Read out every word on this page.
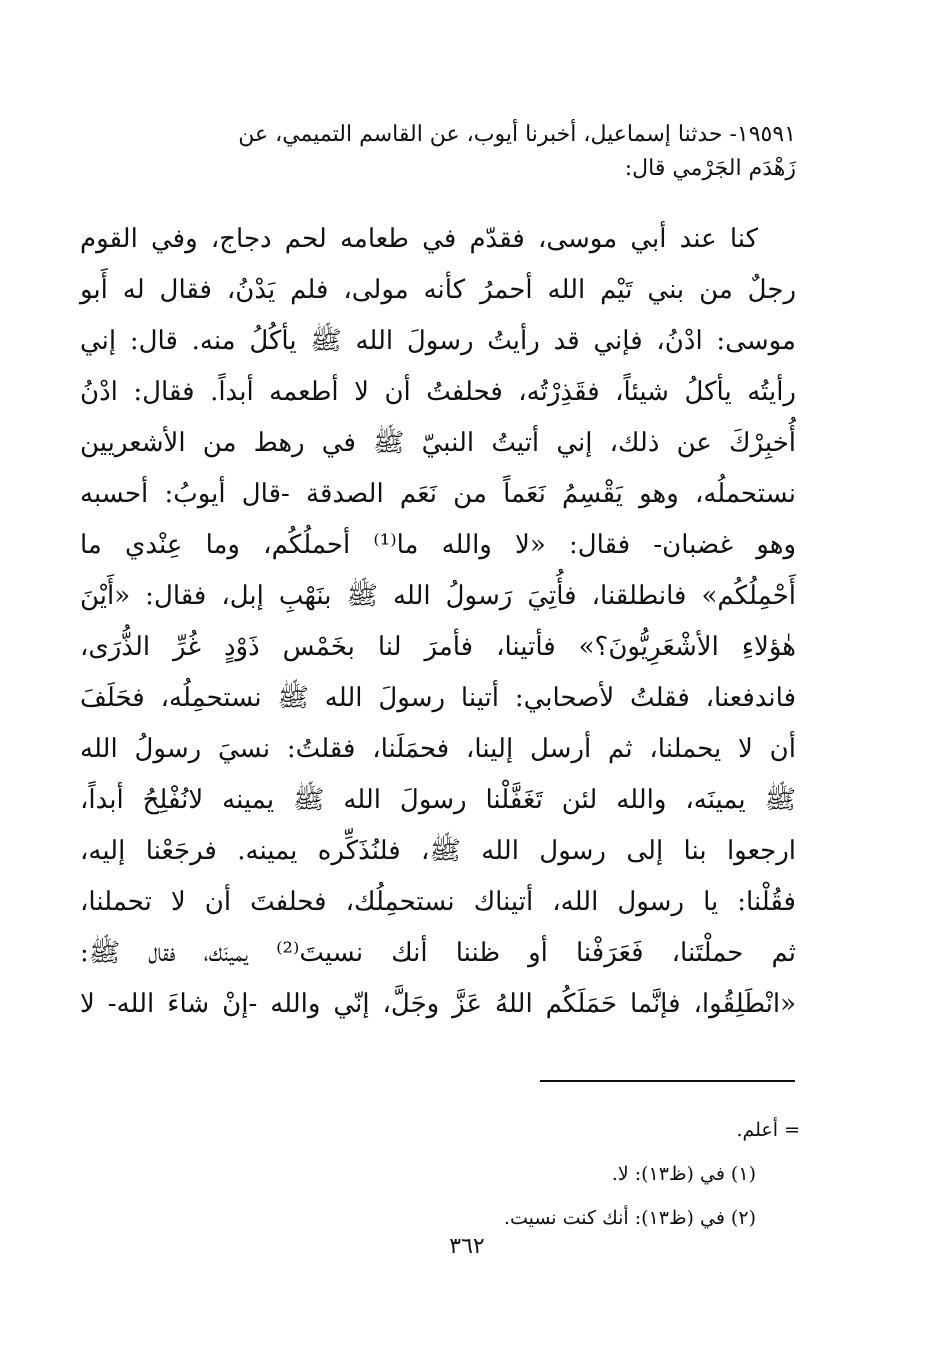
١٩٥٩١- حدثنا إسماعيل، أخبرنا أيوب، عن القاسم التميمي، عن
زَهْدَم الجَرْمي قال:
كنا عند أبي موسى، فقدّم في طعامه لحم دجاج، وفي القوم
رجلٌ من بني تَيْم الله أحمرُ كأنه مولى، فلم يَدْنُ، فقال له أَبو
موسى: ادْنُ، فإني قد رأيتُ رسولَ الله ﷺ يأكُلُ منه. قال: إني
رأيتُه يأكلُ شيئاً، فقَذِرْتُه، فحلفتُ أن لا أطعمه أبداً. فقال: ادْنُ
أُخبِرْكَ عن ذلك، إني أتيتُ النبيّ ﷺ في رهط من الأشعريين
نستحملُه، وهو يَقْسِمُ نَعَماً من نَعَم الصدقة -قال أيوبُ: أحسبه
وهو غضبان- فقال: «لا والله ما⁽¹⁾ أحملُكُم، وما عِنْدي ما
أَحْمِلُكُم» فانطلقنا، فأُتِيَ رَسولُ الله ﷺ بنَهْبِ إبل، فقال: «أَيْنَ
هٰؤلاءِ الأشْعَرِيُّونَ؟» فأتينا، فأمرَ لنا بخَمْس ذَوْدٍ غُرِّ الذُّرَى،
فاندفعنا، فقلتُ لأصحابي: أتينا رسولَ الله ﷺ نستحمِلُه، فحَلَفَ
أن لا يحملنا، ثم أرسل إلينا، فحمَلَنا، فقلتُ: نسيَ رسولُ الله
ﷺ يمينَه، والله لئن تَغَفَّلْنا رسولَ الله ﷺ يمينه لانُفْلِحُ أبداً،
ارجعوا بنا إلى رسول الله ﷺ، فلنُذَكِّره يمينه. فرجَعْنا إليه،
فقُلْنا: يا رسول الله، أتيناك نستحمِلُك، فحلفتَ أن لا تحملنا،
ثم حملْتَنا، فَعَرَفْنا أو ظننا أنك نسيتَ⁽²⁾ يمينَك، فقال ﷺ:
«انْطَلِقُوا، فإنَّما حَمَلَكُم اللهُ عَزَّ وجَلَّ، إنّي والله -إنْ شاءَ الله- لا
= أعلم.
(١) في (ظ١٣): لا.
(٢) في (ظ١٣): أنك كنت نسيت.
٣٦٢
